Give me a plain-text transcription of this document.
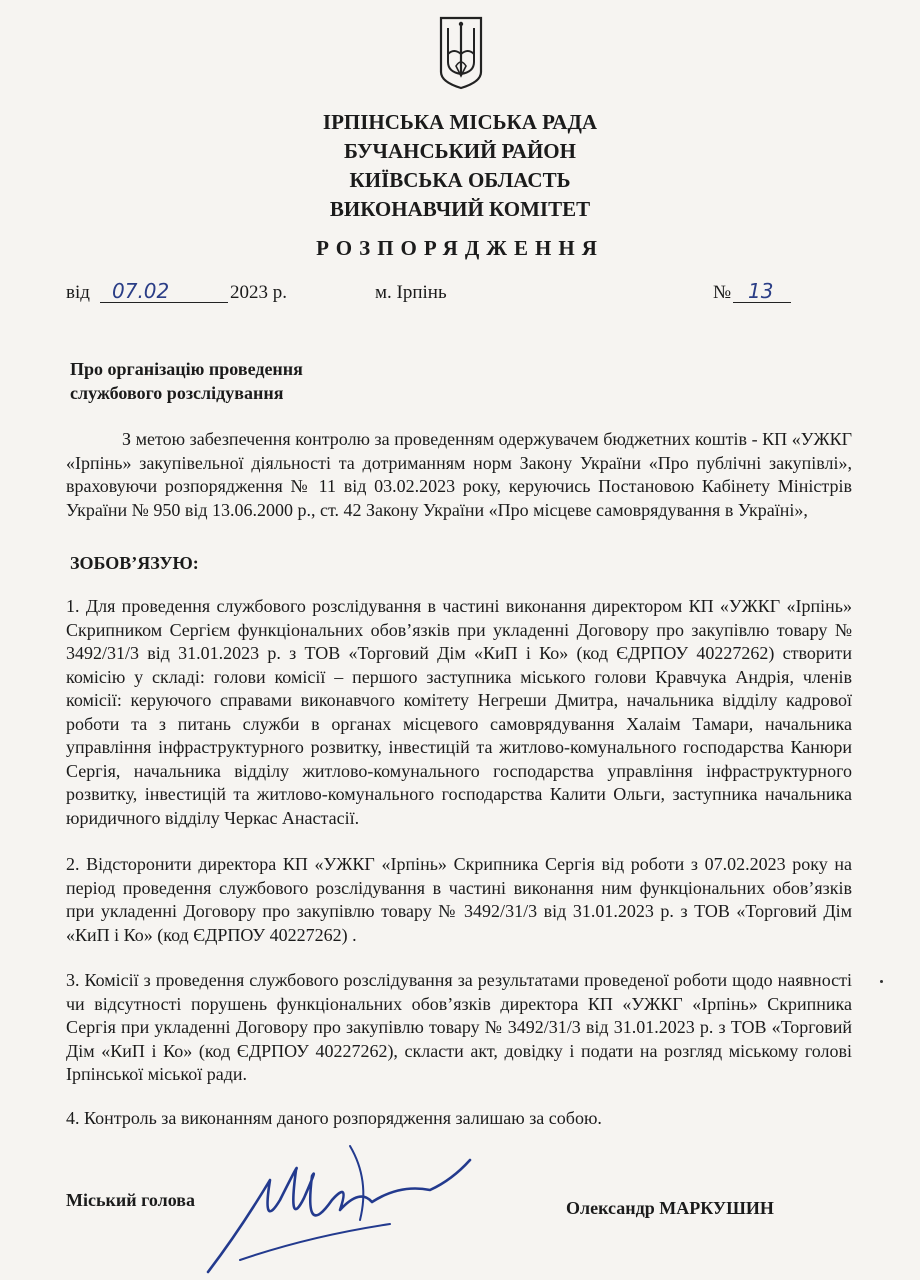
ІРПІНСЬКА МІСЬКА РАДА
БУЧАНСЬКИЙ РАЙОН
КИЇВСЬКА ОБЛАСТЬ
ВИКОНАВЧИЙ КОМІТЕТ
РОЗПОРЯДЖЕННЯ
від 07.02	2023 р.	м. Ірпінь	№ 13
Про організацію проведення
службового розслідування
З метою забезпечення контролю за проведенням одержувачем бюджетних коштів - КП «УЖКГ «Ірпінь» закупівельної діяльності та дотриманням норм Закону України «Про публічні закупівлі», враховуючи розпорядження № 11 від 03.02.2023 року, керуючись Постановою Кабінету Міністрів України № 950 від 13.06.2000 р., ст. 42 Закону України «Про місцеве самоврядування в Україні»,
ЗОБОВ’ЯЗУЮ:
1. Для проведення службового розслідування в частині виконання директором КП «УЖКГ «Ірпінь» Скрипником Сергієм функціональних обов’язків при укладенні Договору про закупівлю товару № 3492/31/3 від 31.01.2023 р. з ТОВ «Торговий Дім «КиП і Ко» (код ЄДРПОУ 40227262) створити комісію у складі: голови комісії – першого заступника міського голови Кравчука Андрія, членів комісії: керуючого справами виконавчого комітету Негреши Дмитра, начальника відділу кадрової роботи та з питань служби в органах місцевого самоврядування Халаім Тамари, начальника управління інфраструктурного розвитку, інвестицій та житлово-комунального господарства Канюри Сергія, начальника відділу житлово-комунального господарства управління інфраструктурного розвитку, інвестицій та житлово-комунального господарства Калити Ольги, заступника начальника юридичного відділу Черкас Анастасії.
2. Відсторонити директора КП «УЖКГ «Ірпінь» Скрипника Сергія від роботи з 07.02.2023 року на період проведення службового розслідування в частині виконання ним функціональних обов’язків при укладенні Договору про закупівлю товару № 3492/31/3 від 31.01.2023 р. з ТОВ «Торговий Дім «КиП і Ко» (код ЄДРПОУ 40227262) .
3. Комісії з проведення службового розслідування за результатами проведеної роботи щодо наявності чи відсутності порушень функціональних обов’язків директора КП «УЖКГ «Ірпінь» Скрипника Сергія при укладенні Договору про закупівлю товару № 3492/31/3 від 31.01.2023 р. з ТОВ «Торговий Дім «КиП і Ко» (код ЄДРПОУ 40227262), скласти акт, довідку і подати на розгляд міському голові Ірпінської міської ради.
4. Контроль за виконанням даного розпорядження залишаю за собою.
Міський голова	Олександр МАРКУШИН
